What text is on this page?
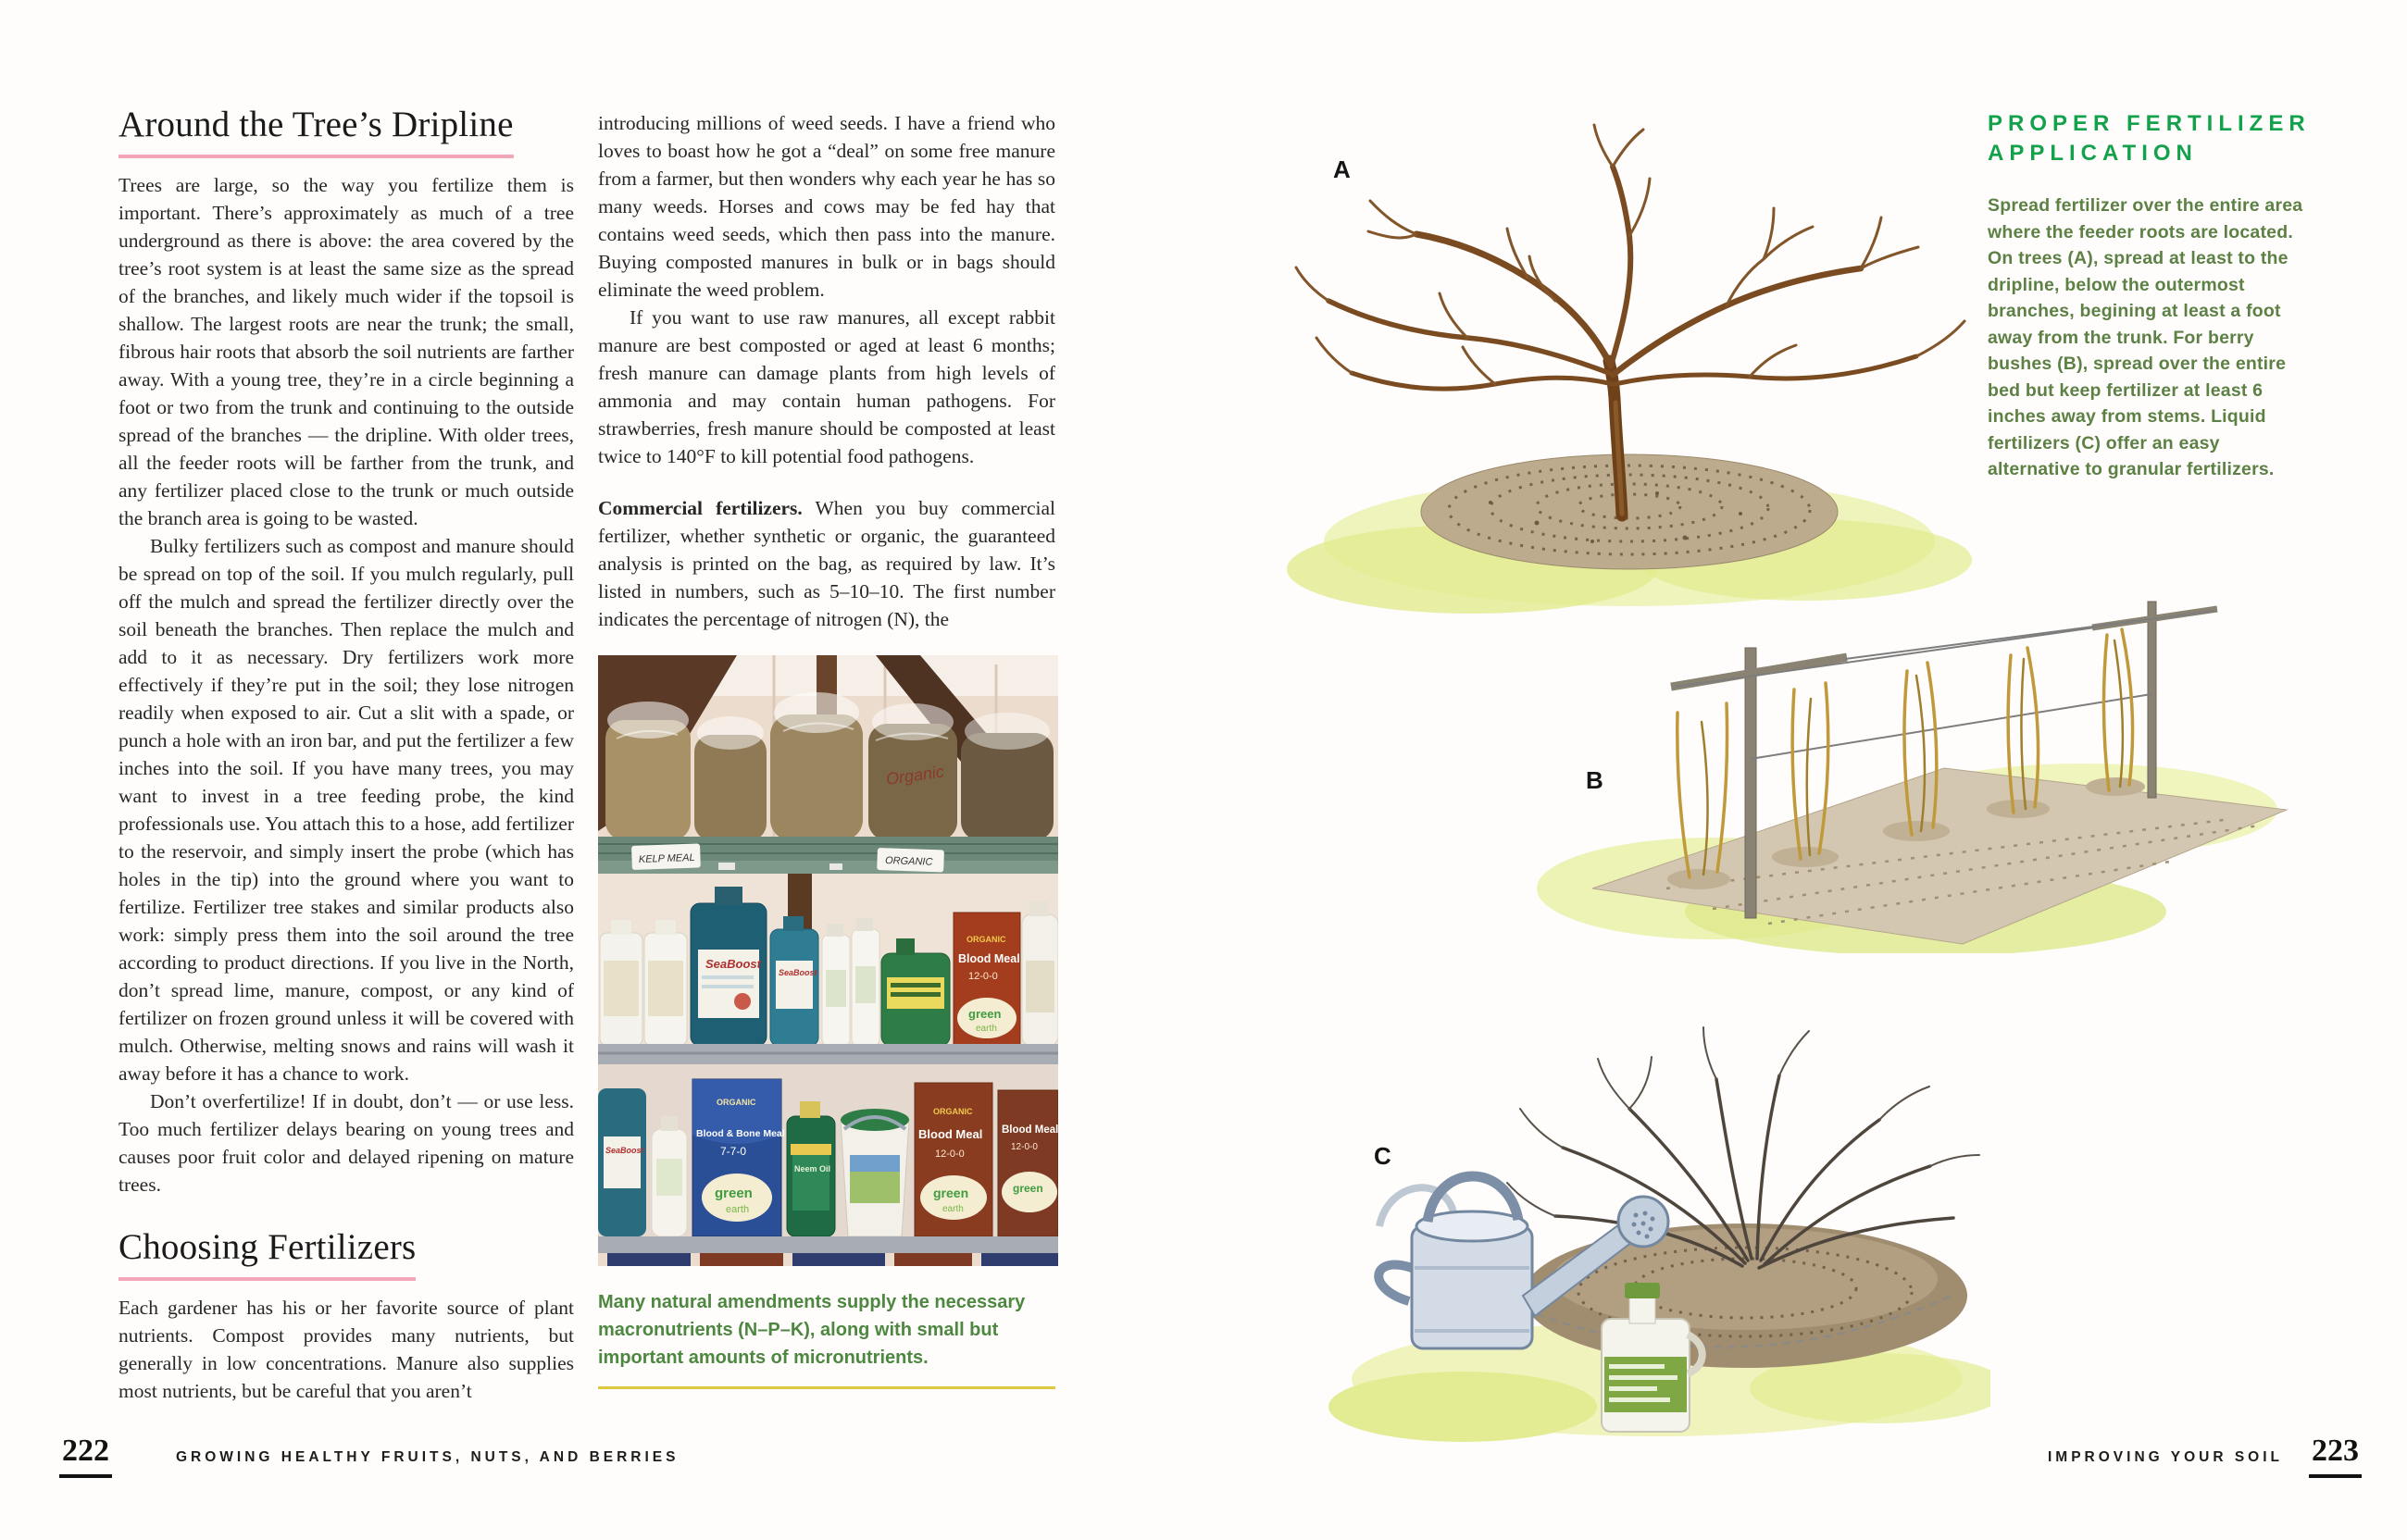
Around the Tree’s Dripline

Trees are large, so the way you fertilize them is important. There’s approximately as much of a tree underground as there is above: the area covered by the tree’s root system is at least the same size as the spread of the branches, and likely much wider if the topsoil is shallow. The largest roots are near the trunk; the small, fibrous hair roots that absorb the soil nutrients are farther away. With a young tree, they’re in a circle beginning a foot or two from the trunk and continuing to the outside spread of the branches — the dripline. With older trees, all the feeder roots will be farther from the trunk, and any fertilizer placed close to the trunk or much outside the branch area is going to be wasted.

Bulky fertilizers such as compost and manure should be spread on top of the soil. If you mulch regularly, pull off the mulch and spread the fertilizer directly over the soil beneath the branches. Then replace the mulch and add to it as necessary. Dry fertilizers work more effectively if they’re put in the soil; they lose nitrogen readily when exposed to air. Cut a slit with a spade, or punch a hole with an iron bar, and put the fertilizer a few inches into the soil. If you have many trees, you may want to invest in a tree feeding probe, the kind professionals use. You attach this to a hose, add fertilizer to the reservoir, and simply insert the probe (which has holes in the tip) into the ground where you want to fertilize. Fertilizer tree stakes and similar products also work: simply press them into the soil around the tree according to product directions. If you live in the North, don’t spread lime, manure, compost, or any kind of fertilizer on frozen ground unless it will be covered with mulch. Otherwise, melting snows and rains will wash it away before it has a chance to work.

Don’t overfertilize! If in doubt, don’t — or use less. Too much fertilizer delays bearing on young trees and causes poor fruit color and delayed ripening on mature trees.

Choosing Fertilizers

Each gardener has his or her favorite source of plant nutrients. Compost provides many nutrients, but generally in low concentrations. Manure also supplies most nutrients, but be careful that you aren’t

introducing millions of weed seeds. I have a friend who loves to boast how he got a “deal” on some free manure from a farmer, but then wonders why each year he has so many weeds. Horses and cows may be fed hay that contains weed seeds, which then pass into the manure. Buying composted manures in bulk or in bags should eliminate the weed problem.

If you want to use raw manures, all except rabbit manure are best composted or aged at least 6 months; fresh manure can damage plants from high levels of ammonia and may contain human pathogens. For strawberries, fresh manure should be composted at least twice to 140°F to kill potential food pathogens.

Commercial fertilizers. When you buy commercial fertilizer, whether synthetic or organic, the guaranteed analysis is printed on the bag, as required by law. It’s listed in numbers, such as 5–10–10. The first number indicates the percentage of nitrogen (N), the

Organic
KELP MEAL	ORGANIC
SeaBoost
SeaBoost
ORGANIC
Blood Meal
12-0-0
green
earth
SeaBoost
ORGANIC
Blood & Bone Meal
7-7-0
green
earth
Neem Oil
ORGANIC
Blood Meal
12-0-0
green
earth
Blood Meal
12-0-0
green
Many natural amendments supply the necessary macronutrients (N–P–K), along with small but important amounts of micronutrients.
222	GROWING HEALTHY FRUITS, NUTS, AND BERRIES
A
B
C
PROPER FERTILIZER APPLICATION
Spread fertilizer over the entire area where the feeder roots are located. On trees (A), spread at least to the dripline, below the outermost branches, begining at least a foot away from the trunk. For berry bushes (B), spread over the entire bed but keep fertilizer at least 6 inches away from stems. Liquid fertilizers (C) offer an easy alternative to granular fertilizers.
IMPROVING YOUR SOIL 223
